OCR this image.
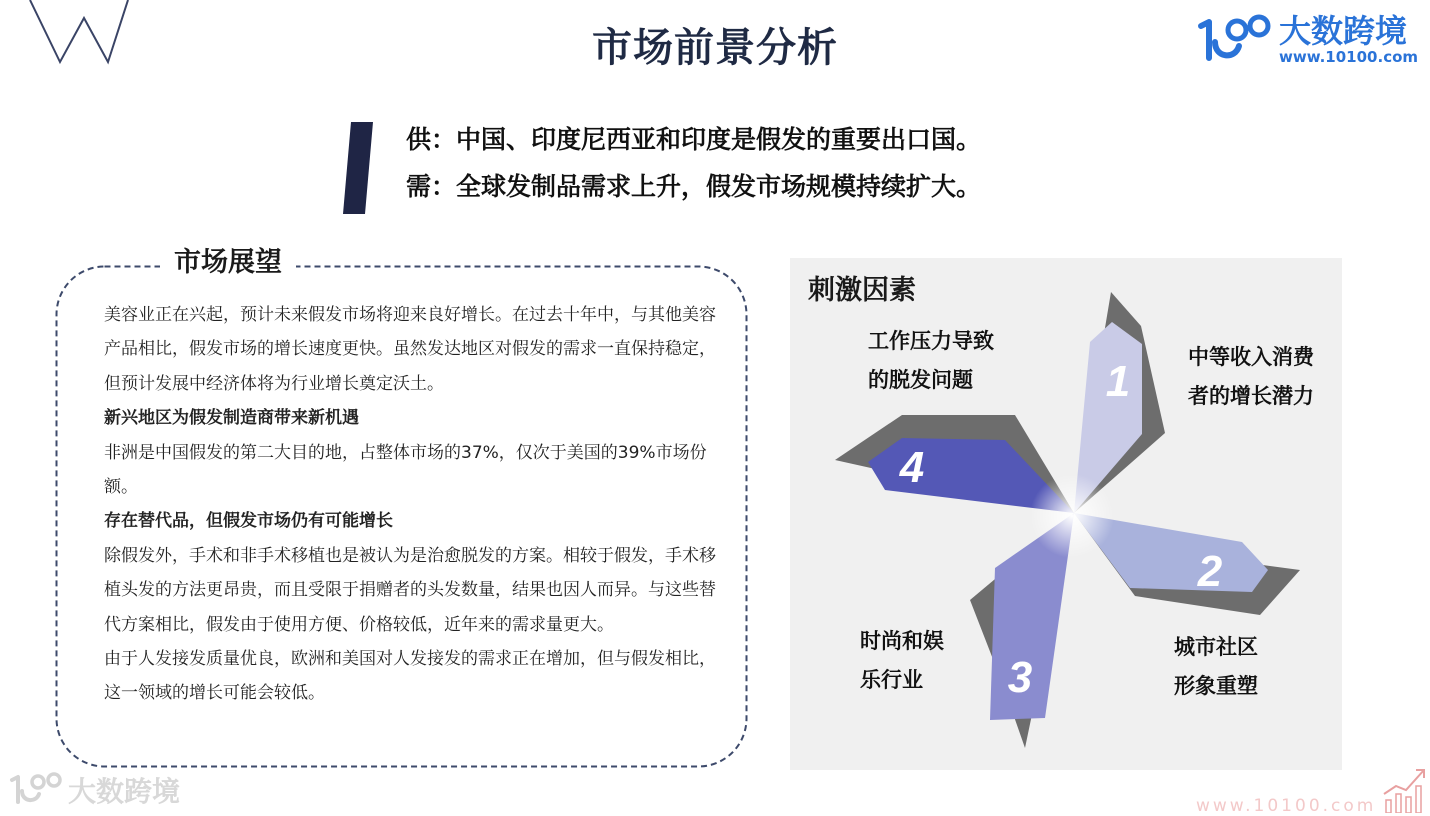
市场前景分析	大数跨境
www.10100.com
供：中国、印度尼西亚和印度是假发的重要出口国。
需：全球发制品需求上升，假发市场规模持续扩大。
市场展望

美容业正在兴起，预计未来假发市场将迎来良好增长。在过去十年中，与其他美容产品相比，假发市场的增长速度更快。虽然发达地区对假发的需求一直保持稳定，但预计发展中经济体将为行业增长奠定沃土。

新兴地区为假发制造商带来新机遇

非洲是中国假发的第二大目的地，占整体市场的37%，仅次于美国的39%市场份额。

存在替代品，但假发市场仍有可能增长

除假发外，手术和非手术移植也是被认为是治愈脱发的方案。相较于假发，手术移植头发的方法更昂贵，而且受限于捐赠者的头发数量，结果也因人而异。与这些替代方案相比，假发由于使用方便、价格较低，近年来的需求量更大。

由于人发接发质量优良，欧洲和美国对人发接发的需求正在增加，但与假发相比，这一领域的增长可能会较低。

刺激因素
1
2
3
4
中等收入消费
者的增长潜力
城市社区
形象重塑
时尚和娱
乐行业
工作压力导致
的脱发问题
大数跨境	www.10100.com
